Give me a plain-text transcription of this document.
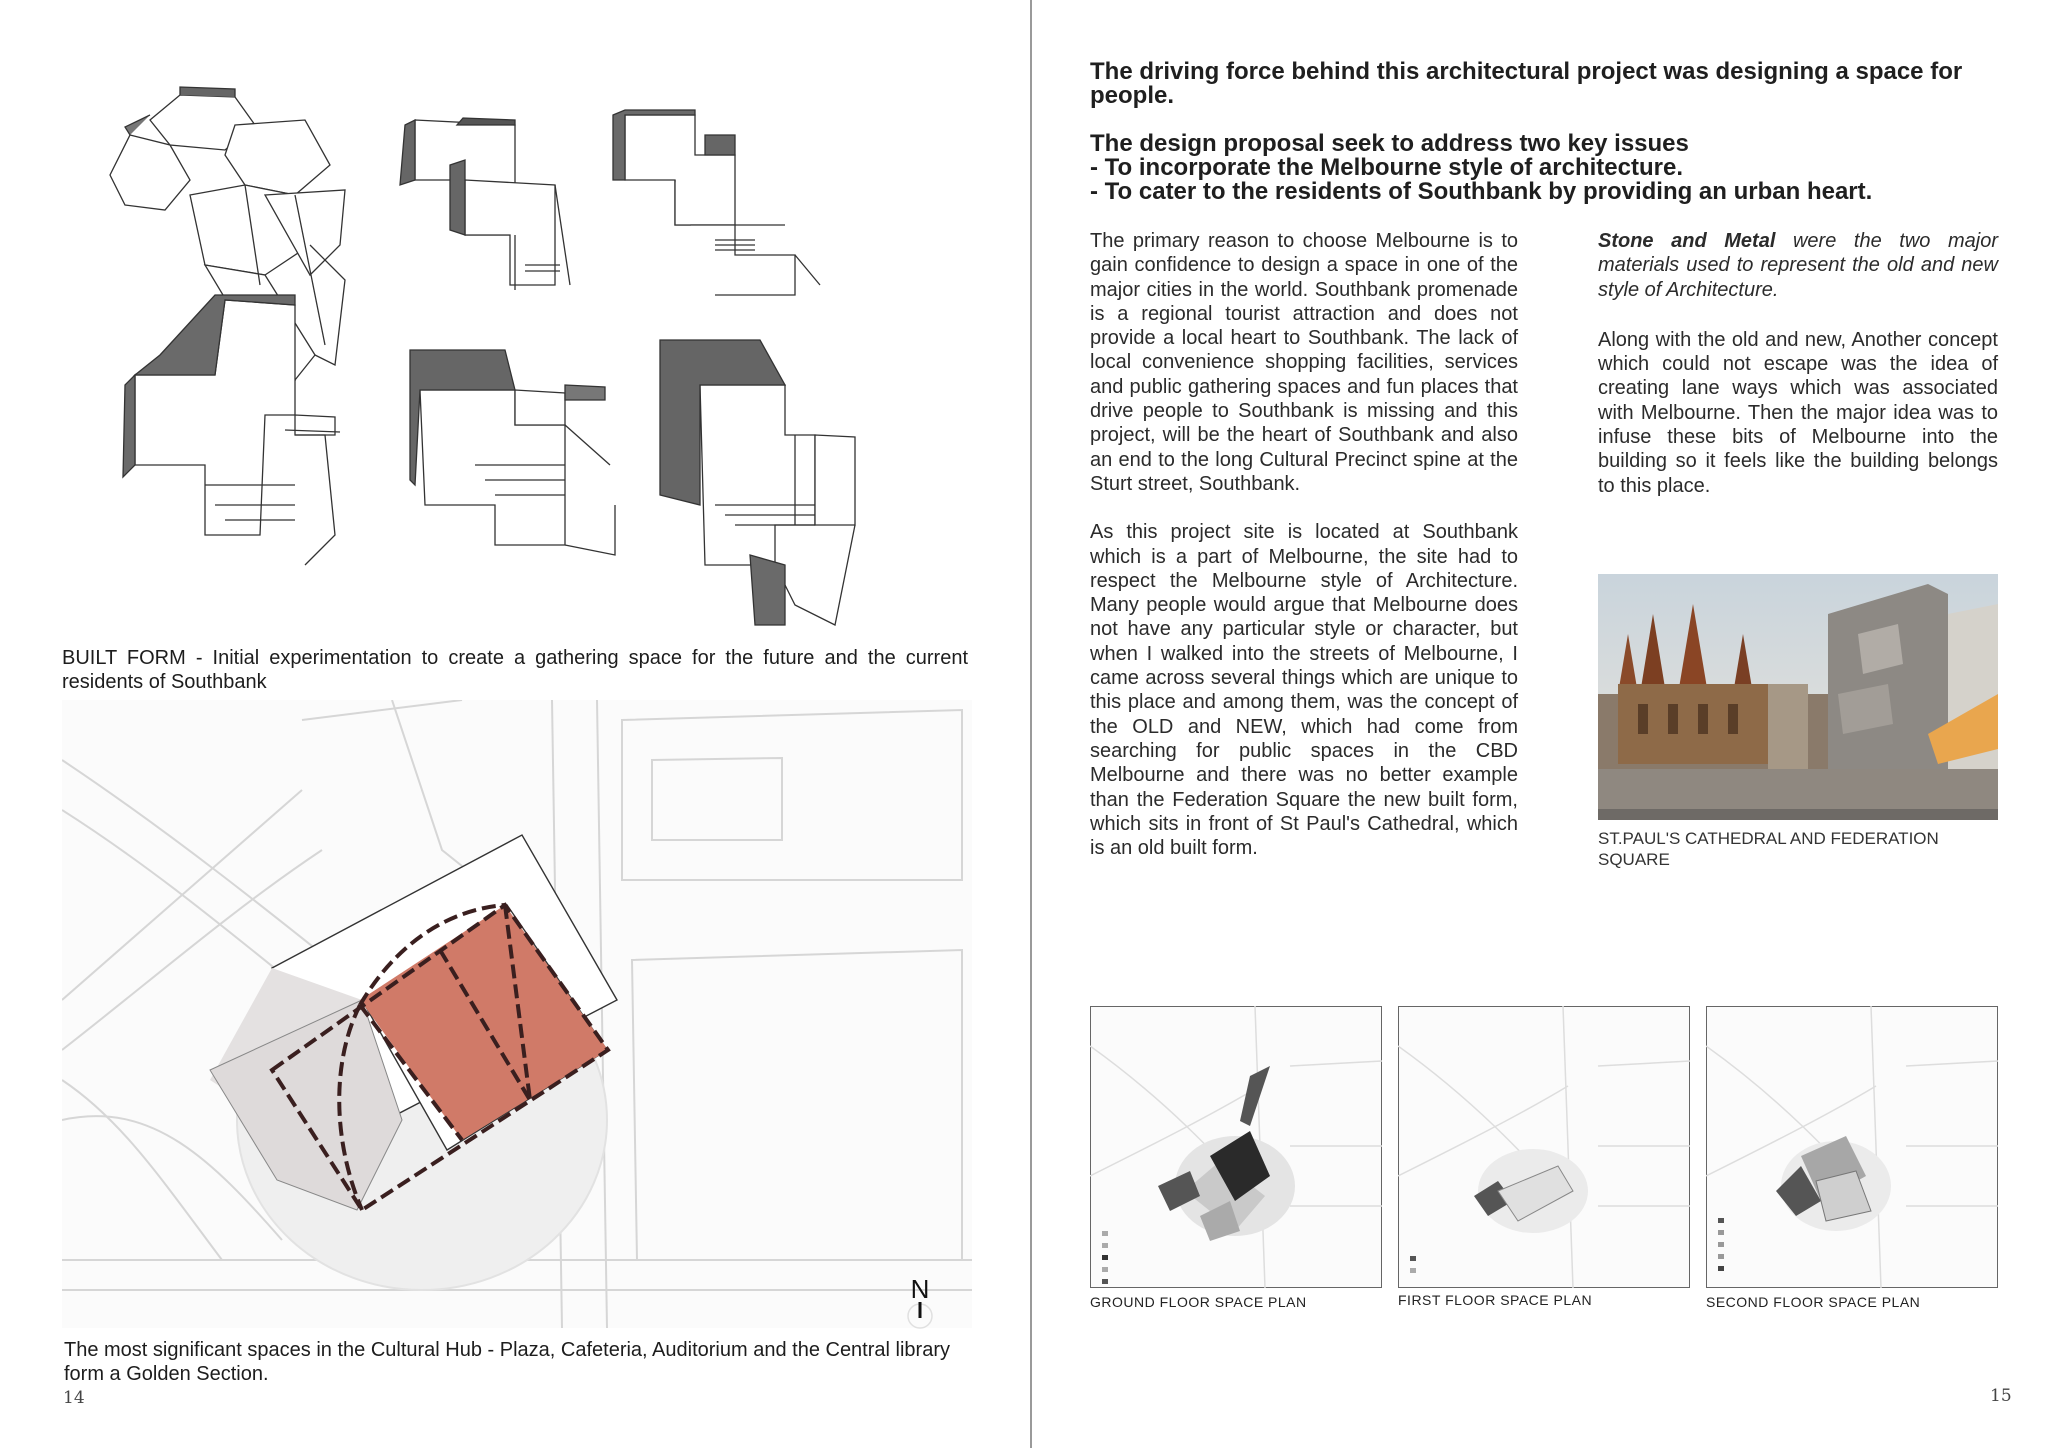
BUILT FORM - Initial experimentation to create a gathering space for the future and the current residents of Southbank
N
The most significant spaces in the Cultural Hub - Plaza, Cafeteria, Auditorium and the Central library form a Golden Section.
14

The driving force behind this architectural project was designing a space for people.

The design proposal seek to address two key issues

- To incorporate the Melbourne style of architecture.

- To cater to the residents of Southbank by providing an urban heart.

The primary reason to choose Melbourne is to gain confidence to design a space in one of the major cities in the world. Southbank promenade is a regional tourist attraction and does not provide a local heart to Southbank. The lack of local convenience shopping facilities, services and public gathering spaces and fun places that drive people to Southbank is missing and this project, will be the heart of Southbank and also an end to the long Cultural Precinct spine at the Sturt street, Southbank.

As this project site is located at Southbank which is a part of Melbourne, the site had to respect the Melbourne style of Architecture. Many people would argue that Melbourne does not have any particular style or character, but when I walked into the streets of Melbourne, I came across several things which are unique to this place and among them, was the concept of the OLD and NEW, which had come from searching for public spaces in the CBD Melbourne and there was no better example than the Federation Square the new built form, which sits in front of St Paul's Cathedral, which is an old built form.

Stone and Metal were the two major materials used to represent the old and new style of Architecture.

Along with the old and new, Another concept which could not escape was the idea of creating lane ways which was associated with Melbourne. Then the major idea was to infuse these bits of Melbourne into the building so it feels like the building belongs to this place.

ST.PAUL'S CATHEDRAL AND FEDERATION SQUARE
GROUND FLOOR SPACE PLAN	FIRST FLOOR SPACE PLAN	SECOND FLOOR SPACE PLAN
15
